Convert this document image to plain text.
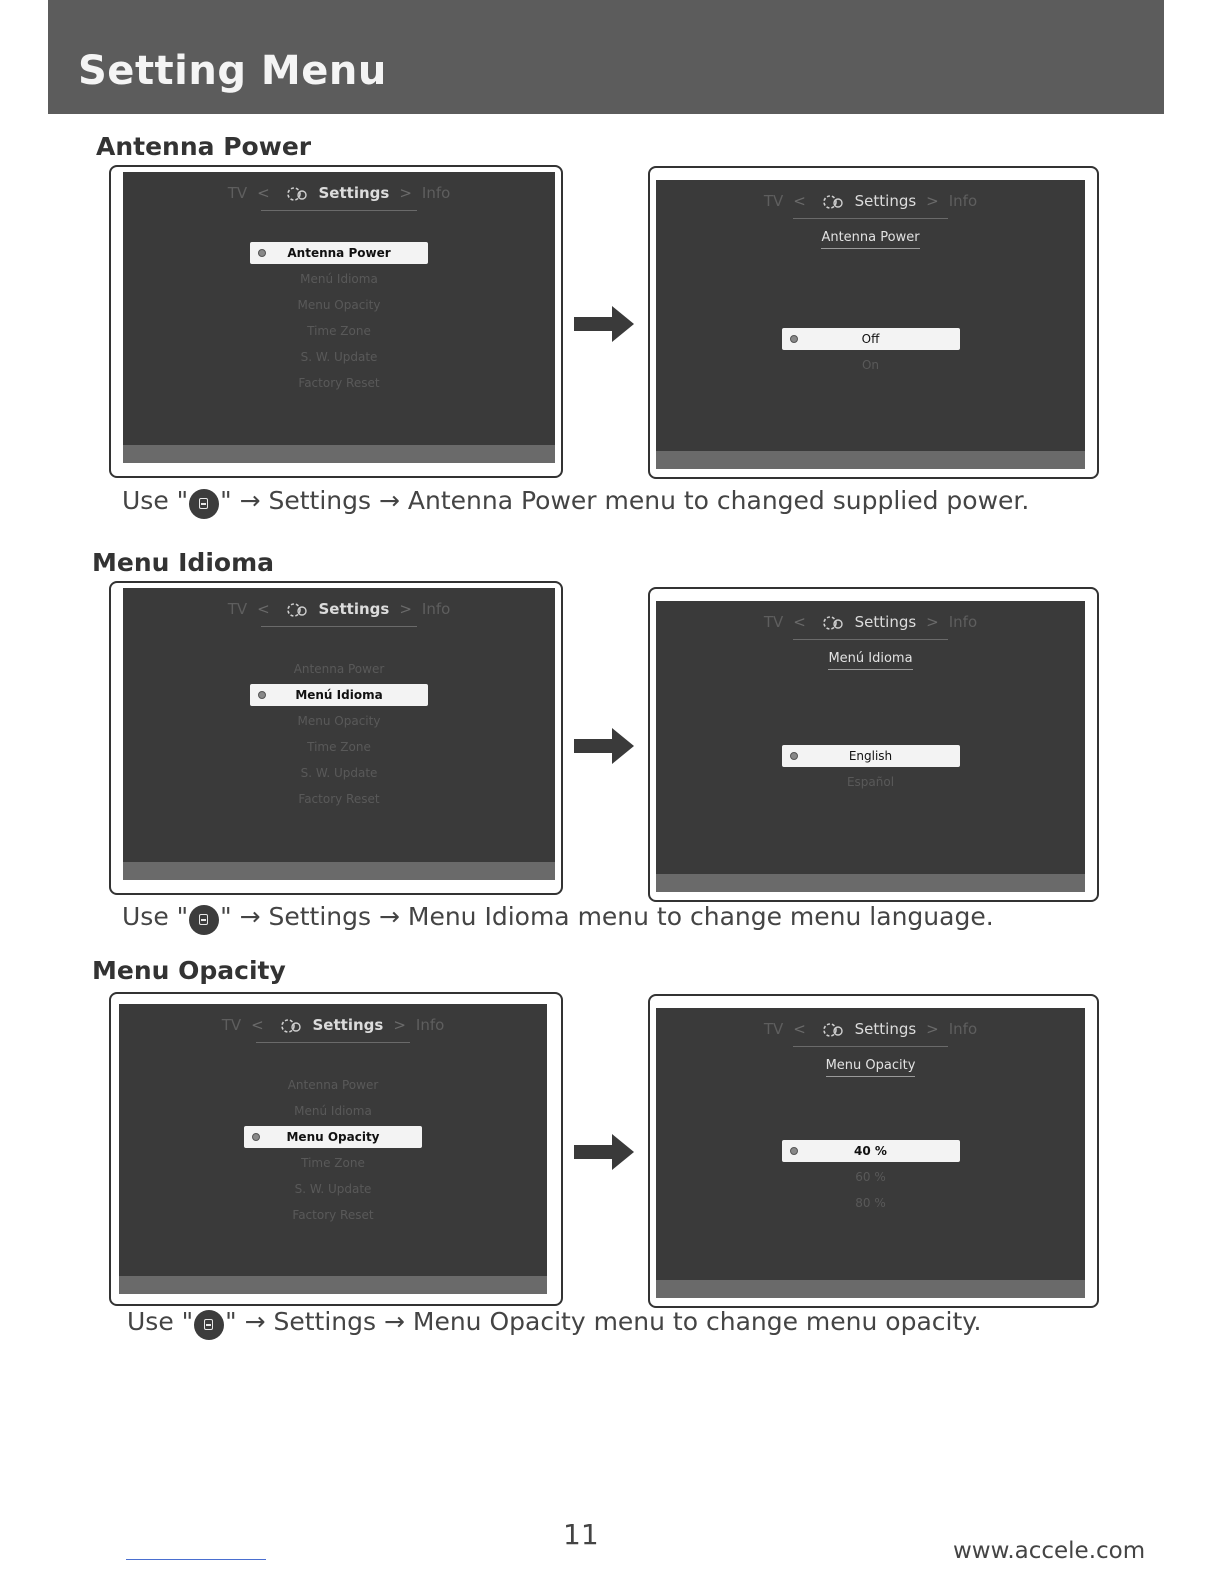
Setting Menu
Antenna Power
TV <	Settings > Info
Antenna Power
Menú Idioma
Menu Opacity
Time Zone
S. W. Update
Factory Reset
TV <	Settings > Info
Antenna Power
Off
On

Use " " → Settings → Antenna Power menu to changed supplied power.

Menu Idioma
TV <	Settings > Info
Antenna Power
Menú Idioma
Menu Opacity
Time Zone
S. W. Update
Factory Reset
TV <	Settings > Info
Menú Idioma
English
Español

Use " " → Settings → Menu Idioma menu to change menu language.

Menu Opacity
TV <	Settings > Info
Antenna Power
Menú Idioma
Menu Opacity
Time Zone
S. W. Update
Factory Reset
TV <	Settings > Info
Menu Opacity
40 %
60 %
80 %

Use " " → Settings → Menu Opacity menu to change menu opacity.

11	www.accele.com
